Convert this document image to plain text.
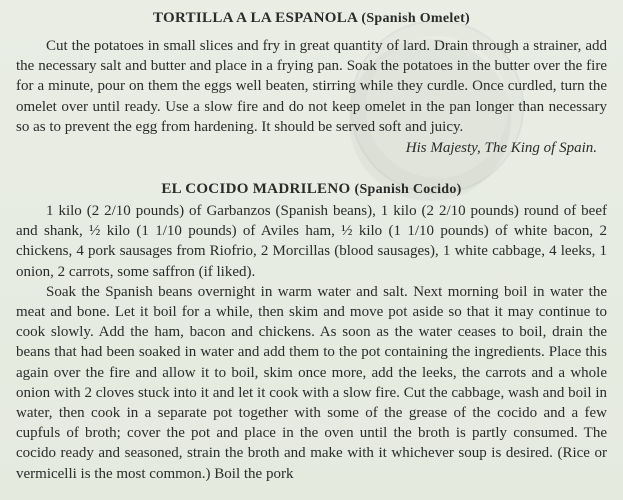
TORTILLA A LA ESPANOLA (Spanish Omelet)

Cut the potatoes in small slices and fry in great quantity of lard. Drain through a strainer, add the necessary salt and butter and place in a frying pan. Soak the potatoes in the butter over the fire for a minute, pour on them the eggs well beaten, stirring while they curdle. Once curdled, turn the omelet over until ready. Use a slow fire and do not keep omelet in the pan longer than necessary so as to prevent the egg from hardening. It should be served soft and juicy.

His Majesty, The King of Spain.

EL COCIDO MADRILENO (Spanish Cocido)

1 kilo (2 2/10 pounds) of Garbanzos (Spanish beans), 1 kilo (2 2/10 pounds) round of beef and shank, ½ kilo (1 1/10 pounds) of Aviles ham, ½ kilo (1 1/10 pounds) of white bacon, 2 chickens, 4 pork sausages from Riofrio, 2 Morcillas (blood sausages), 1 white cabbage, 4 leeks, 1 onion, 2 carrots, some saffron (if liked).

Soak the Spanish beans overnight in warm water and salt. Next morning boil in water the meat and bone. Let it boil for a while, then skim and move pot aside so that it may continue to cook slowly. Add the ham, bacon and chickens. As soon as the water ceases to boil, drain the beans that had been soaked in water and add them to the pot containing the ingredients. Place this again over the fire and allow it to boil, skim once more, add the leeks, the carrots and a whole onion with 2 cloves stuck into it and let it cook with a slow fire. Cut the cabbage, wash and boil in water, then cook in a separate pot together with some of the grease of the cocido and a few cupfuls of broth; cover the pot and place in the oven until the broth is partly consumed. The cocido ready and seasoned, strain the broth and make with it whichever soup is desired. (Rice or vermicelli is the most common.) Boil the pork
